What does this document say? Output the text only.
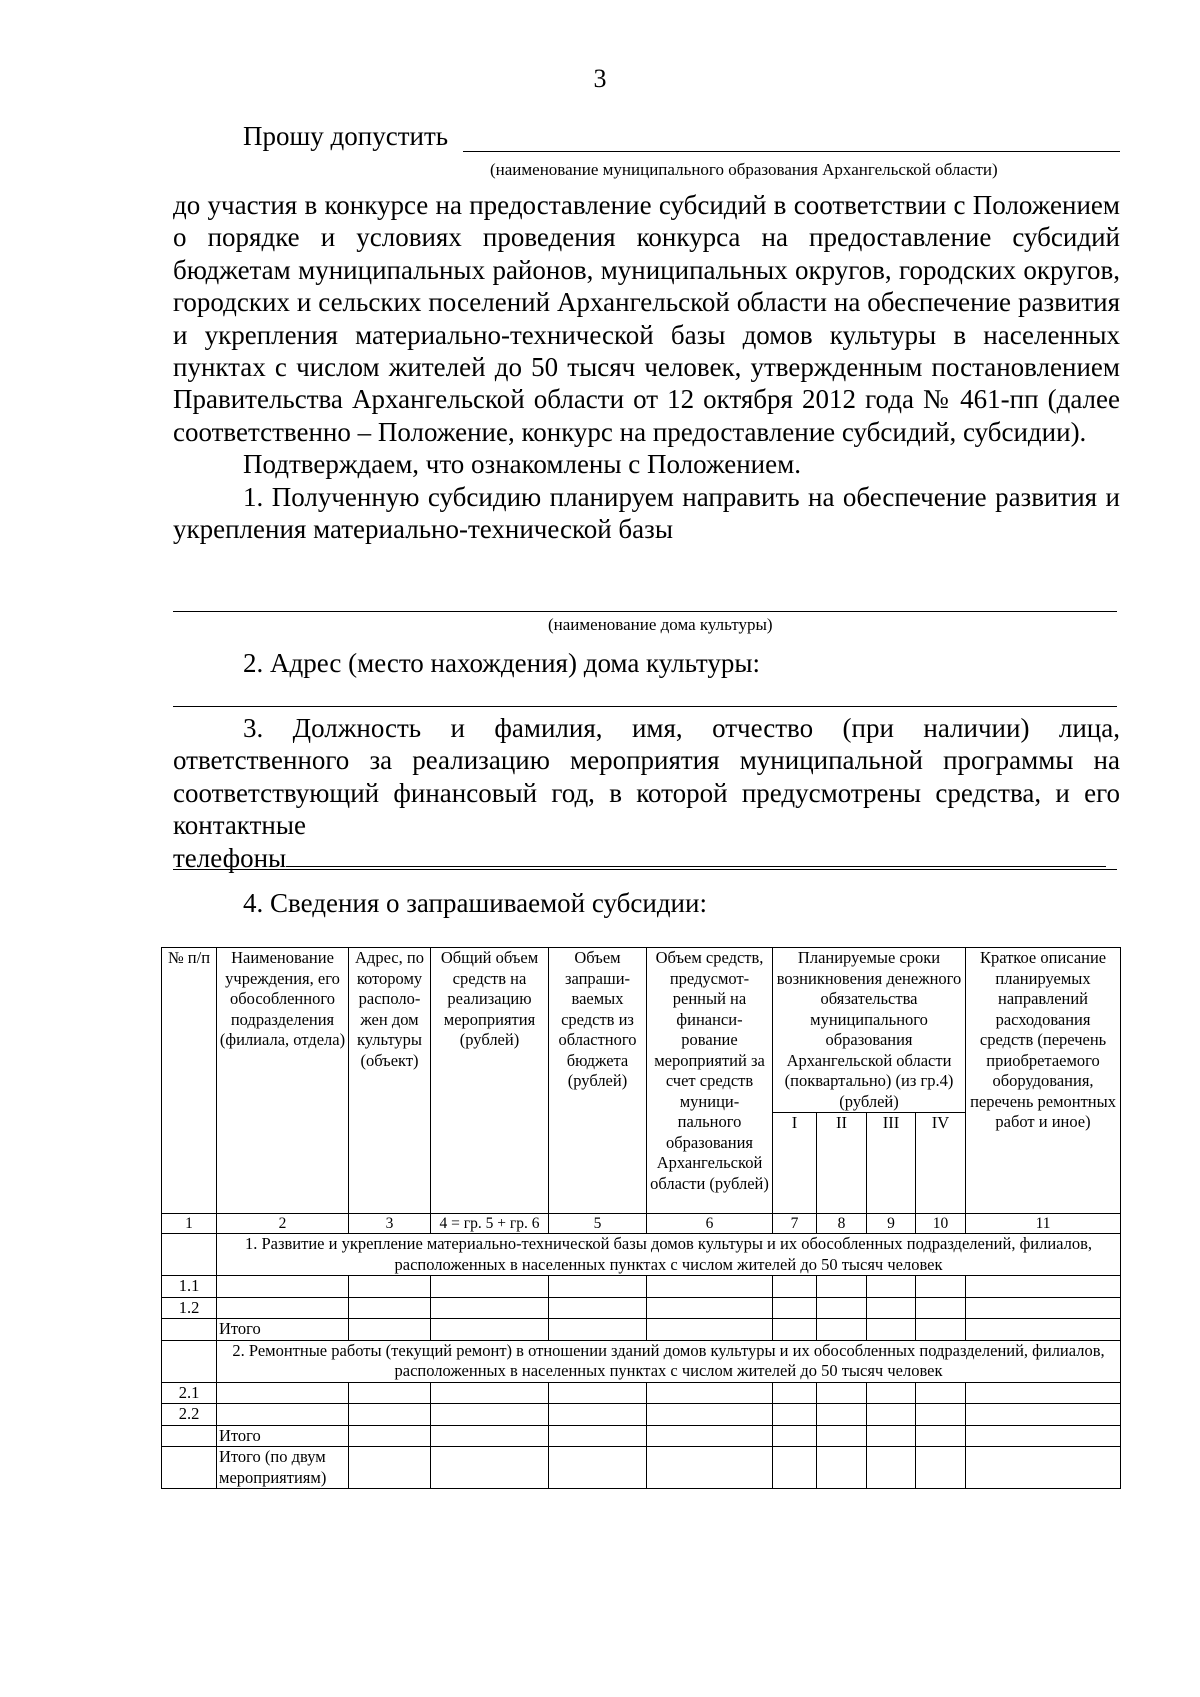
3
Прошу допустить
(наименование муниципального образования Архангельской области)

до участия в конкурсе на предоставление субсидий в соответствии с Положением о порядке и условиях проведения конкурса на предоставление субсидий бюджетам муниципальных районов, муниципальных округов, городских округов, городских и сельских поселений Архангельской области на обеспечение развития и укрепления материально-технической базы домов культуры в населенных пунктах с числом жителей до 50 тысяч человек, утвержденным постановлением Правительства Архангельской области от 12 октября 2012 года № 461-пп (далее соответственно – Положение, конкурс на предоставление субсидий, субсидии).

Подтверждаем, что ознакомлены с Положением.

1. Полученную субсидию планируем направить на обеспечение развития и укрепления материально-технической базы

(наименование дома культуры)
2. Адрес (место нахождения) дома культуры:

3. Должность и фамилия, имя, отчество (при наличии) лица, ответственного за реализацию мероприятия муниципальной программы на соответствующий финансовый год, в которой предусмотрены средства, и его контактные

телефоны

4. Сведения о запрашиваемой субсидии:
№ п/п	Наименование учреждения, его обособленного подразделения (филиала, отдела)	Адрес, по которому располо-жен дом культуры (объект)	Общий объем средств на реализацию мероприятия (рублей)	Объем запраши-ваемых средств из областного бюджета (рублей)	Объем средств, предусмот-ренный на финанси-рование мероприятий за счет средств муници-пального образования Архангельской области (рублей)	Планируемые сроки возникновения денежного обязательства муниципального образования Архангельской области (поквартально) (из гр.4) (рублей)				Краткое описание планируемых направлений расходования средств (перечень приобретаемого оборудования, перечень ремонтных работ и иное)
						I	II	III	IV	
1	2	3	4 = гр. 5 + гр. 6	5	6	7	8	9	10	11
	1. Развитие и укрепление материально-технической базы домов культуры и их обособленных подразделений, филиалов, расположенных в населенных пунктах с числом жителей до 50 тысяч человек									
1.1										
1.2										
	Итого									
	2. Ремонтные работы (текущий ремонт) в отношении зданий домов культуры и их обособленных подразделений, филиалов, расположенных в населенных пунктах с числом жителей до 50 тысяч человек									
2.1										
2.2										
	Итого									
	Итого (по двум мероприятиям)									
